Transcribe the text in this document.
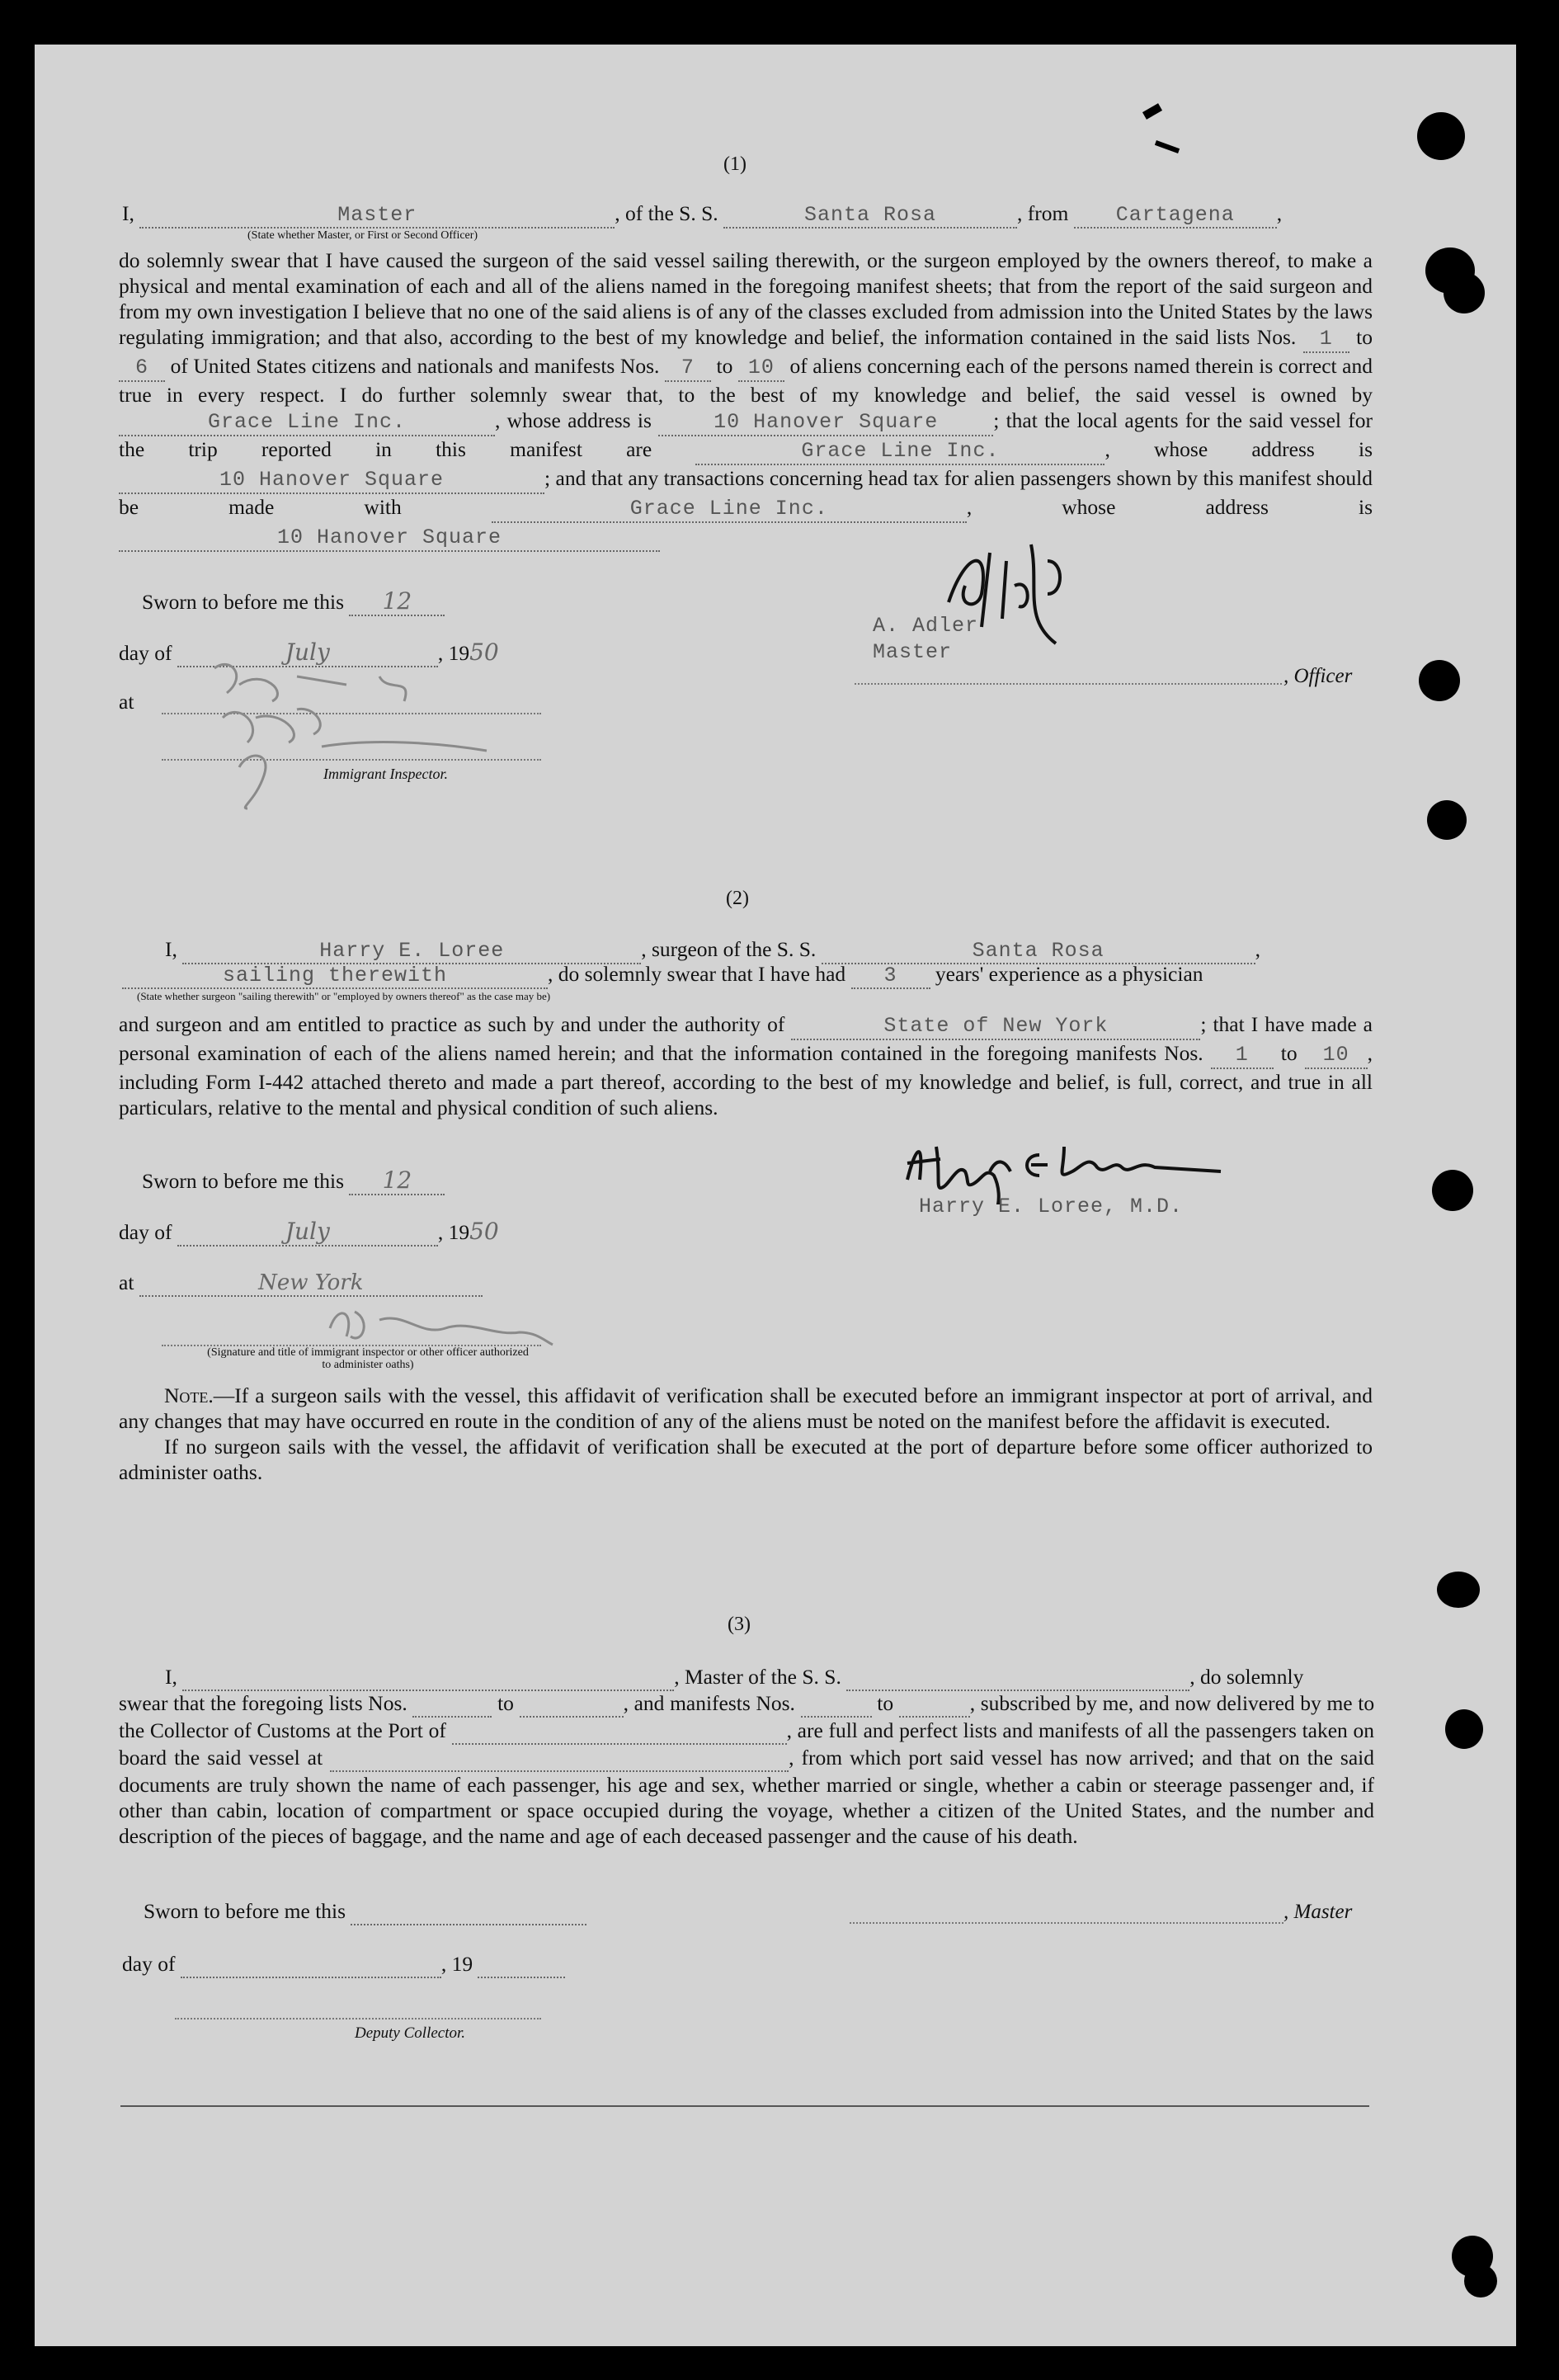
(1)
I,	Master	, of the S. S.	Santa Rosa	, from Cartagena ,
(State whether Master, or First or Second Officer)

do solemnly swear that I have caused the surgeon of the said vessel sailing therewith, or the surgeon employed by the owners thereof, to make a physical and mental examination of each and all of the aliens named in the foregoing manifest sheets; that from the report of the said surgeon and from my own investigation I believe that no one of the said aliens is of any of the classes excluded from admission into the United States by the laws regulating immigration; and that also, according to the best of my knowledge and belief, the information contained in the said lists Nos. 1 to 6 of United States citizens and nationals and manifests Nos. 7 to 10 of aliens concerning each of the persons named therein is correct and true in every respect. I do further solemnly swear that, to the best of my knowledge and belief, the said vessel is owned by Grace Line Inc.	, whose address is	10 Hanover Square	; that the local agents for the said vessel for the trip reported in this manifest are	Grace Line Inc.	, whose address is 10 Hanover Square	; and that any transactions concerning head tax for alien passengers shown by this manifest should be made with	Grace Line Inc.	, whose address is 10 Hanover Square

Sworn to before me this 12
day of	July	, 1950
at
Immigrant Inspector.
A. Adler
Master
, Officer
(2)
I,	Harry E. Loree	, surgeon of the S. S.	Santa Rosa	,
sailing therewith	, do solemnly swear that I have had 3 years' experience as a physician
(State whether surgeon "sailing therewith" or "employed by owners thereof" as the case may be)

and surgeon and am entitled to practice as such by and under the authority of	State of New York	; that I have made a personal examination of each of the aliens named herein; and that the information contained in the foregoing manifests Nos. 1 to 10 , including Form I-442 attached thereto and made a part thereof, according to the best of my knowledge and belief, is full, correct, and true in all particulars, relative to the mental and physical condition of such aliens.

Sworn to before me this 12
day of	July	, 1950
at	New York
(Signature and title of immigrant inspector or other officer authorized to administer oaths)
Harry E. Loree, M.D.

Note.—If a surgeon sails with the vessel, this affidavit of verification shall be executed before an immigrant inspector at port of arrival, and any changes that may have occurred en route in the condition of any of the aliens must be noted on the manifest before the affidavit is executed.

If no surgeon sails with the vessel, the affidavit of verification shall be executed at the port of departure before some officer authorized to administer oaths.

(3)
I,	, Master of the S. S.	, do solemnly

swear that the foregoing lists Nos.	to	, and manifests Nos.	to	, subscribed by me, and now delivered by me to the Collector of Customs at the Port of	, are full and perfect lists and manifests of all the passengers taken on board the said vessel at	, from which port said vessel has now arrived; and that on the said documents are truly shown the name of each passenger, his age and sex, whether married or single, whether a cabin or steerage passenger and, if other than cabin, location of compartment or space occupied during the voyage, whether a citizen of the United States, and the number and description of the pieces of baggage, and the name and age of each deceased passenger and the cause of his death.

Sworn to before me this	, Master
day of	, 19
Deputy Collector.
